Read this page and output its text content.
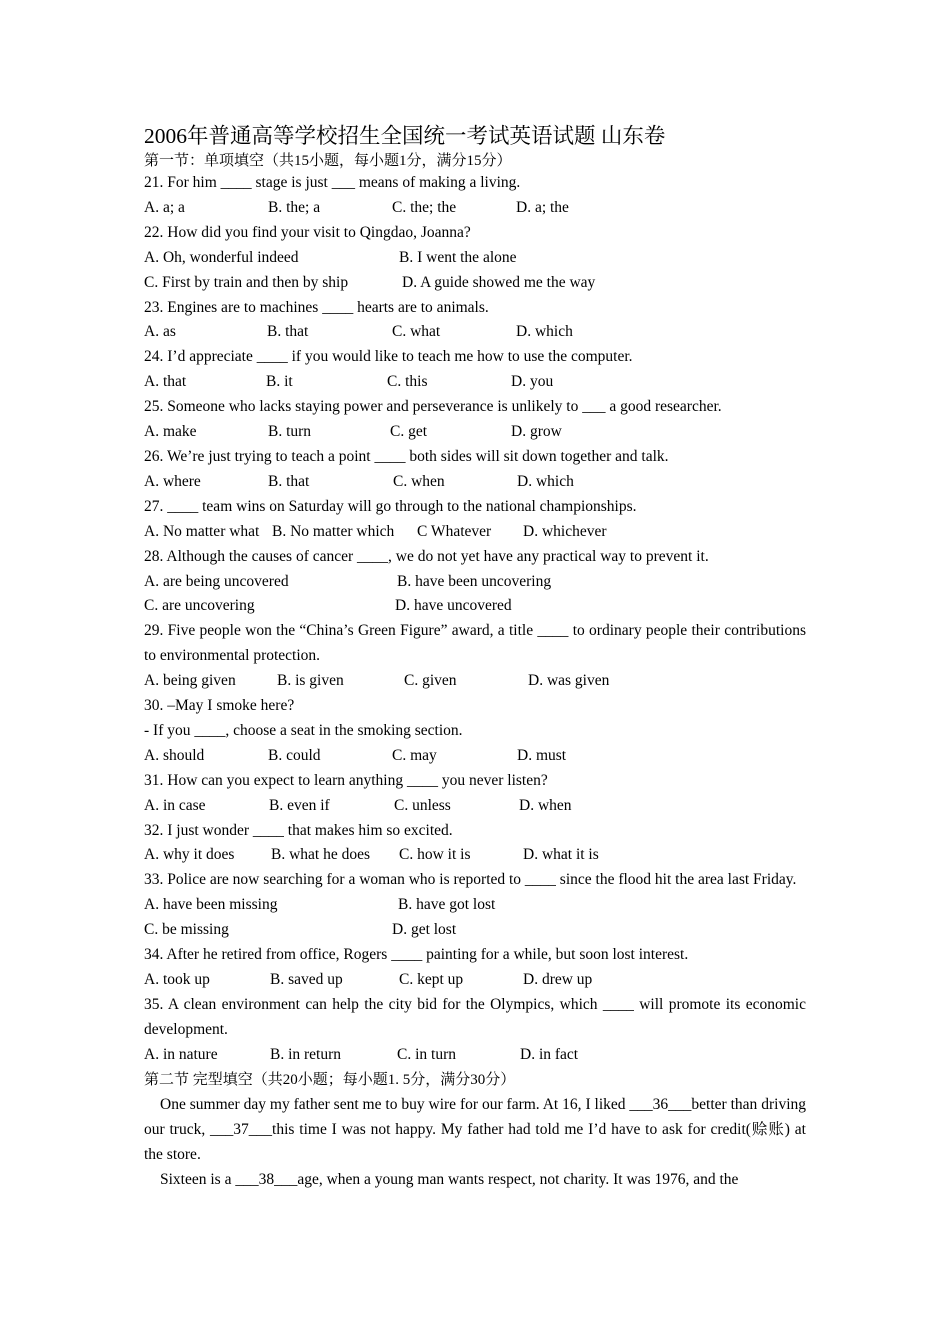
2006年普通高等学校招生全国统一考试英语试题 山东卷
第一节：单项填空（共15小题，每小题1分，满分15分）
21. For him ____ stage is just ___ means of making a living.
A. a; a	B. the; a	C. the; the	D. a; the
22. How did you find your visit to Qingdao, Joanna?
A. Oh, wonderful indeed	B. I went the alone
C. First by train and then by ship	D. A guide showed me the way
23. Engines are to machines ____ hearts are to animals.
A. as	B. that	C. what	D. which
24. I’d appreciate ____ if you would like to teach me how to use the computer.
A. that	B. it	C. this	D. you
25. Someone who lacks staying power and perseverance is unlikely to ___ a good researcher.
A. make	B. turn	C. get	D. grow
26. We’re just trying to teach a point ____ both sides will sit down together and talk.
A. where	B. that	C. when	D. which
27. ____ team wins on Saturday will go through to the national championships.
A. No matter what B. No matter which C Whatever D. whichever
28. Although the causes of cancer ____, we do not yet have any practical way to prevent it.
A. are being uncovered	B. have been uncovering
C. are uncovering	D. have uncovered
29. Five people won the “China’s Green Figure” award, a title ____ to ordinary people their contributions to environmental protection.
A. being given	B. is given	C. given	D. was given
30. –May I smoke here?
- If you ____, choose a seat in the smoking section.
A. should	B. could	C. may	D. must
31. How can you expect to learn anything ____ you never listen?
A. in case	B. even if	C. unless	D. when
32. I just wonder ____ that makes him so excited.
A. why it does B. what he does C. how it is	D. what it is
33. Police are now searching for a woman who is reported to ____ since the flood hit the area last Friday.
A. have been missing	B. have got lost
C. be missing	D. get lost
34. After he retired from office, Rogers ____ painting for a while, but soon lost interest.
A. took up	B. saved up	C. kept up	D. drew up
35. A clean environment can help the city bid for the Olympics, which ____ will promote its economic development.
A. in nature	B. in return	C. in turn	D. in fact
第二节 完型填空（共20小题；每小题1. 5分，满分30分）
One summer day my father sent me to buy wire for our farm. At 16, I liked ___36___better than driving our truck, ___37___this time I was not happy. My father had told me I’d have to ask for credit(赊账) at the store.
Sixteen is a ___38___age, when a young man wants respect, not charity. It was 1976, and the
